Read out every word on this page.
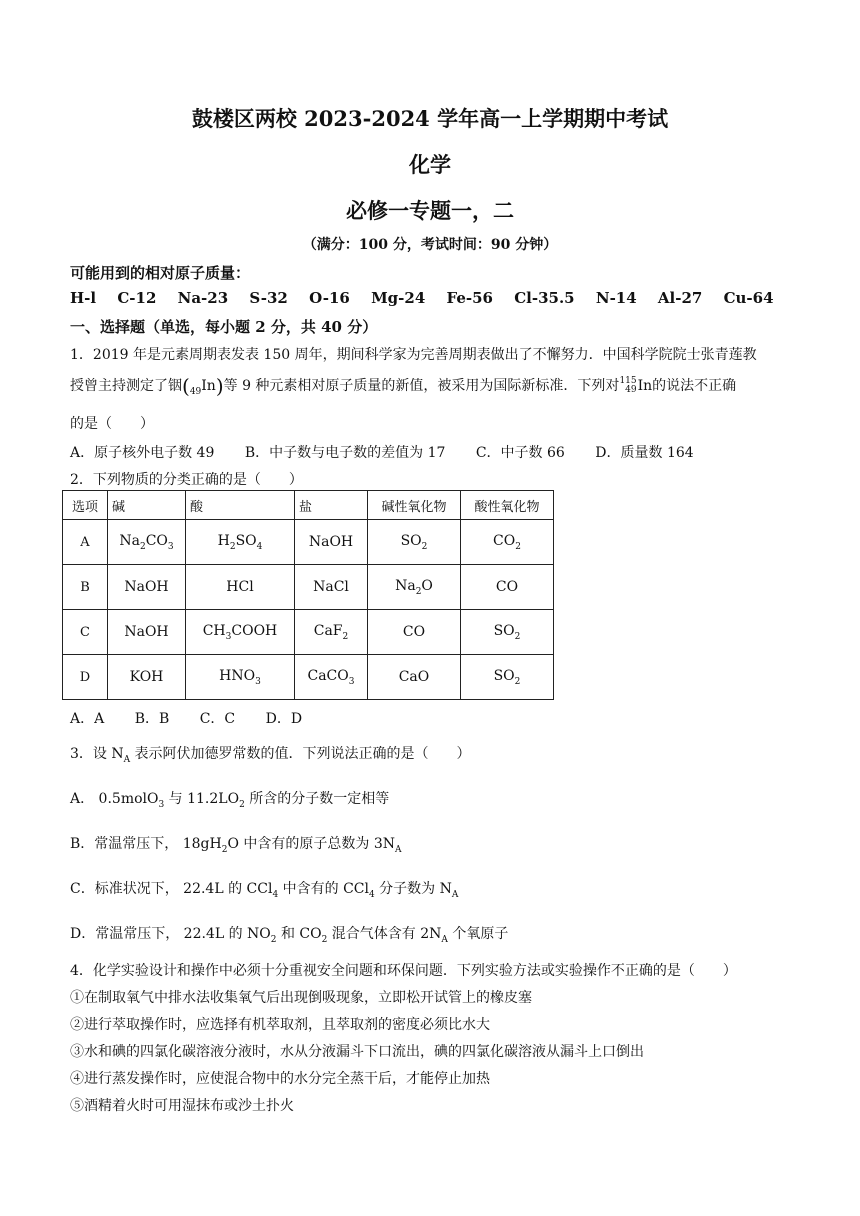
鼓楼区两校 2023-2024 学年高一上学期期中考试
化学
必修一专题一，二
（满分：100 分，考试时间：90 分钟）
可能用到的相对原子质量：
H-l C-12 Na-23 S-32 O-16 Mg-24 Fe-56 Cl-35.5 N-14 Al-27 Cu-64
一、选择题（单选，每小题 2 分，共 40 分）
1．2019 年是元素周期表发表 150 周年，期间科学家为完善周期表做出了不懈努力．中国科学院院士张青莲教
授曾主持测定了铟$(_{49}In)$等 9 种元素相对原子质量的新值，被采用为国际新标准．下列对115
49In的说法不正确
的是（　　）
A．原子核外电子数 49 B．中子数与电子数的差值为 17 C．中子数 66 D．质量数 164
2．下列物质的分类正确的是（　　）
选项	碱	酸	盐	碱性氧化物	酸性氧化物
A	$Na_2CO_3$	$H_2SO_4$	NaOH	$SO_2$	$CO_2$
B	NaOH	HCl	NaCl	$Na_2O$	CO
C	NaOH	$CH_3COOH$	CaF$_2$	CO	$SO_2$
D	KOH	$HNO_3$	CaCO$_3$	CaO	$SO_2$
A．A B．B C．C D．D
3．设 $N_A$ 表示阿伏加德罗常数的值．下列说法正确的是（　　）
A． 0.5molO$_3$ 与 $11.2LO_2$ 所含的分子数一定相等
B．常温常压下， $18gH_2O$ 中含有的原子总数为 $3N_A$
C．标准状况下， 22.4L 的 CCl$_4$ 中含有的 CCl$_4$ 分子数为 $N_A$
D．常温常压下， 22.4L 的 $NO_2$ 和 $CO_2$ 混合气体含有 $2N_A$ 个氧原子
4．化学实验设计和操作中必须十分重视安全问题和环保问题．下列实验方法或实验操作不正确的是（　　）
①在制取氧气中排水法收集氧气后出现倒吸现象，立即松开试管上的橡皮塞
②进行萃取操作时，应选择有机萃取剂，且萃取剂的密度必须比水大
③水和碘的四氯化碳溶液分液时，水从分液漏斗下口流出，碘的四氯化碳溶液从漏斗上口倒出
④进行蒸发操作时，应使混合物中的水分完全蒸干后，才能停止加热
⑤酒精着火时可用湿抹布或沙土扑火
